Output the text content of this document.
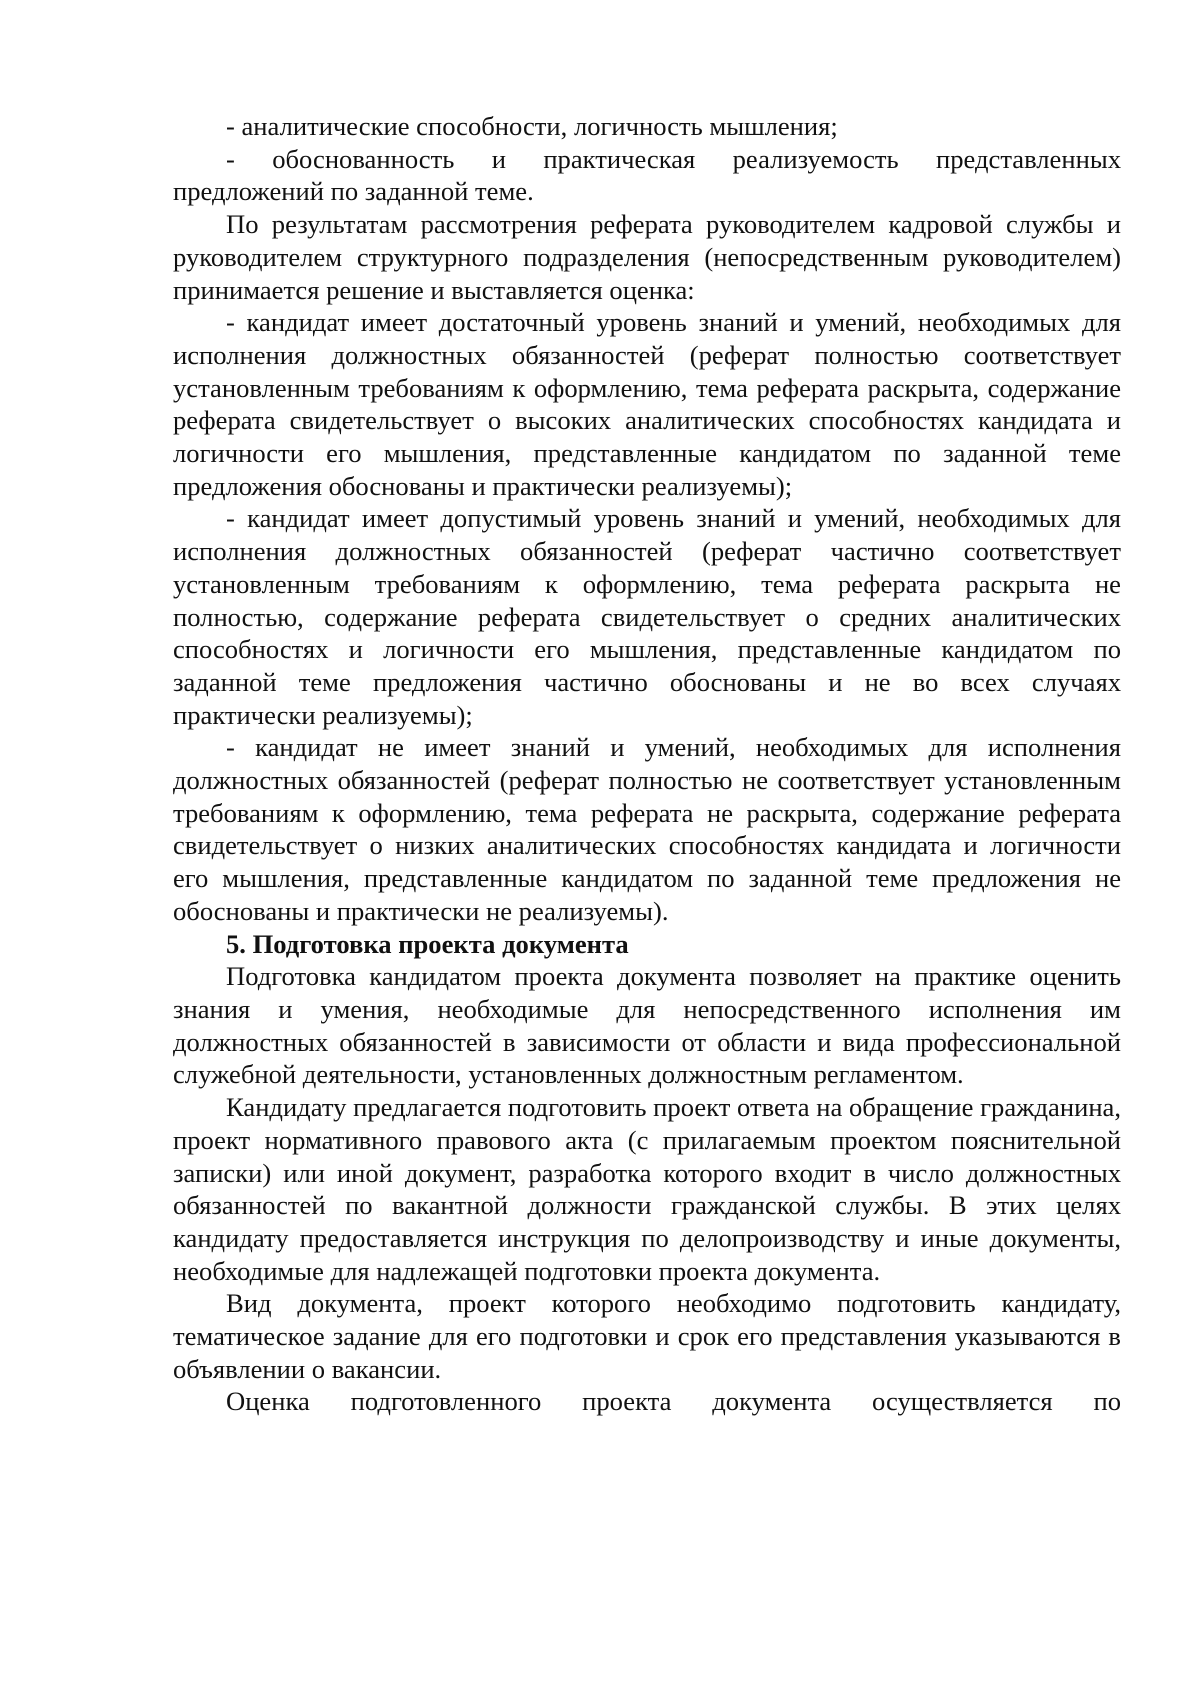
- аналитические способности, логичность мышления;

- обоснованность и практическая реализуемость представленных предложений по заданной теме.

По результатам рассмотрения реферата руководителем кадровой службы и руководителем структурного подразделения (непосредственным руководителем) принимается решение и выставляется оценка:

- кандидат имеет достаточный уровень знаний и умений, необходимых для исполнения должностных обязанностей (реферат полностью соответствует установленным требованиям к оформлению, тема реферата раскрыта, содержание реферата свидетельствует о высоких аналитических способностях кандидата и логичности его мышления, представленные кандидатом по заданной теме предложения обоснованы и практически реализуемы);

- кандидат имеет допустимый уровень знаний и умений, необходимых для исполнения должностных обязанностей (реферат частично соответствует установленным требованиям к оформлению, тема реферата раскрыта не полностью, содержание реферата свидетельствует о средних аналитических способностях и логичности его мышления, представленные кандидатом по заданной теме предложения частично обоснованы и не во всех случаях практически реализуемы);

- кандидат не имеет знаний и умений, необходимых для исполнения должностных обязанностей (реферат полностью не соответствует установленным требованиям к оформлению, тема реферата не раскрыта, содержание реферата свидетельствует о низких аналитических способностях кандидата и логичности его мышления, представленные кандидатом по заданной теме предложения не обоснованы и практически не реализуемы).

5. Подготовка проекта документа

Подготовка кандидатом проекта документа позволяет на практике оценить знания и умения, необходимые для непосредственного исполнения им должностных обязанностей в зависимости от области и вида профессиональной служебной деятельности, установленных должностным регламентом.

Кандидату предлагается подготовить проект ответа на обращение гражданина, проект нормативного правового акта (с прилагаемым проектом пояснительной записки) или иной документ, разработка которого входит в число должностных обязанностей по вакантной должности гражданской службы. В этих целях кандидату предоставляется инструкция по делопроизводству и иные документы, необходимые для надлежащей подготовки проекта документа.

Вид документа, проект которого необходимо подготовить кандидату, тематическое задание для его подготовки и срок его представления указываются в объявлении о вакансии.

Оценка подготовленного проекта документа осуществляется по
